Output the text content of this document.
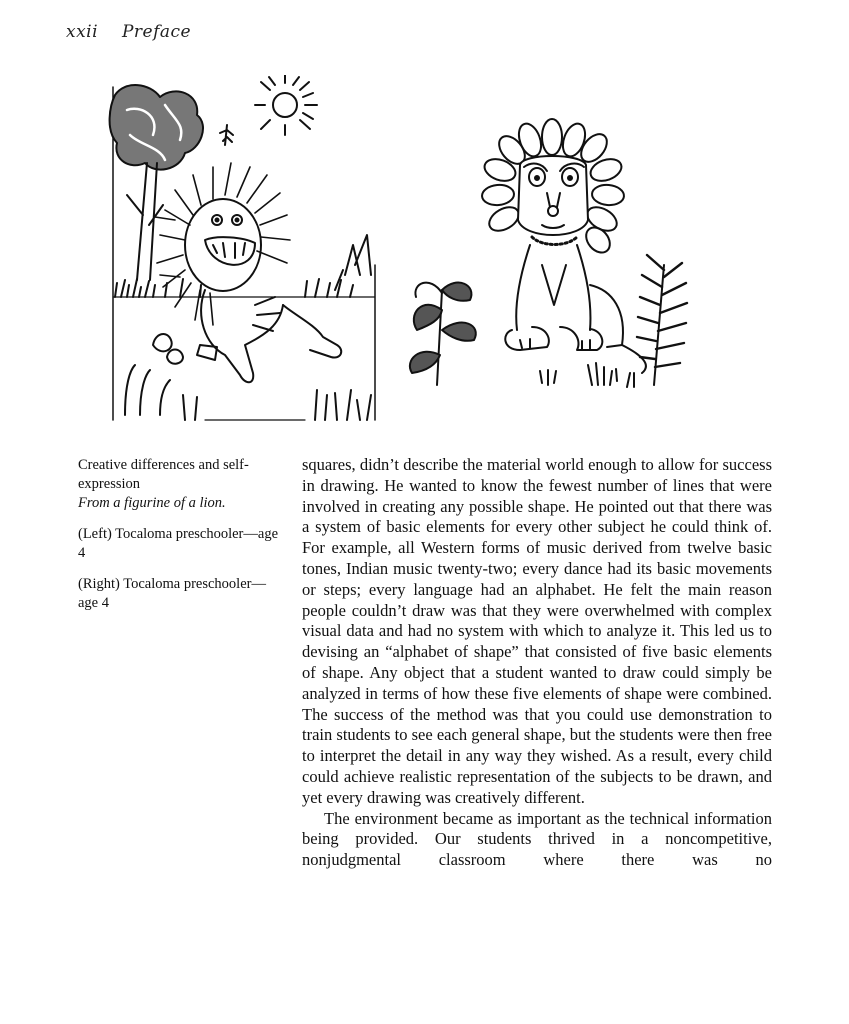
xxii Preface

Creative differences and self-expression

From a figurine of a lion.

(Left) Tocaloma preschooler—age 4

(Right) Tocaloma preschooler—age 4

squares, didn’t describe the material world enough to allow for success in drawing. He wanted to know the fewest number of lines that were involved in creating any possible shape. He pointed out that there was a system of basic elements for every other subject he could think of. For example, all Western forms of music derived from twelve basic tones, Indian music twenty-two; every dance had its basic movements or steps; every language had an alphabet. He felt the main reason people couldn’t draw was that they were overwhelmed with complex visual data and had no system with which to analyze it. This led us to devising an “alphabet of shape” that consisted of five basic elements of shape. Any object that a student wanted to draw could simply be analyzed in terms of how these five elements of shape were combined. The success of the method was that you could use demonstration to train students to see each general shape, but the students were then free to interpret the detail in any way they wished. As a result, every child could achieve realistic representation of the subjects to be drawn, and yet every drawing was creatively different.

The environment became as important as the technical information being provided. Our students thrived in a noncompetitive, nonjudgmental classroom where there was no
